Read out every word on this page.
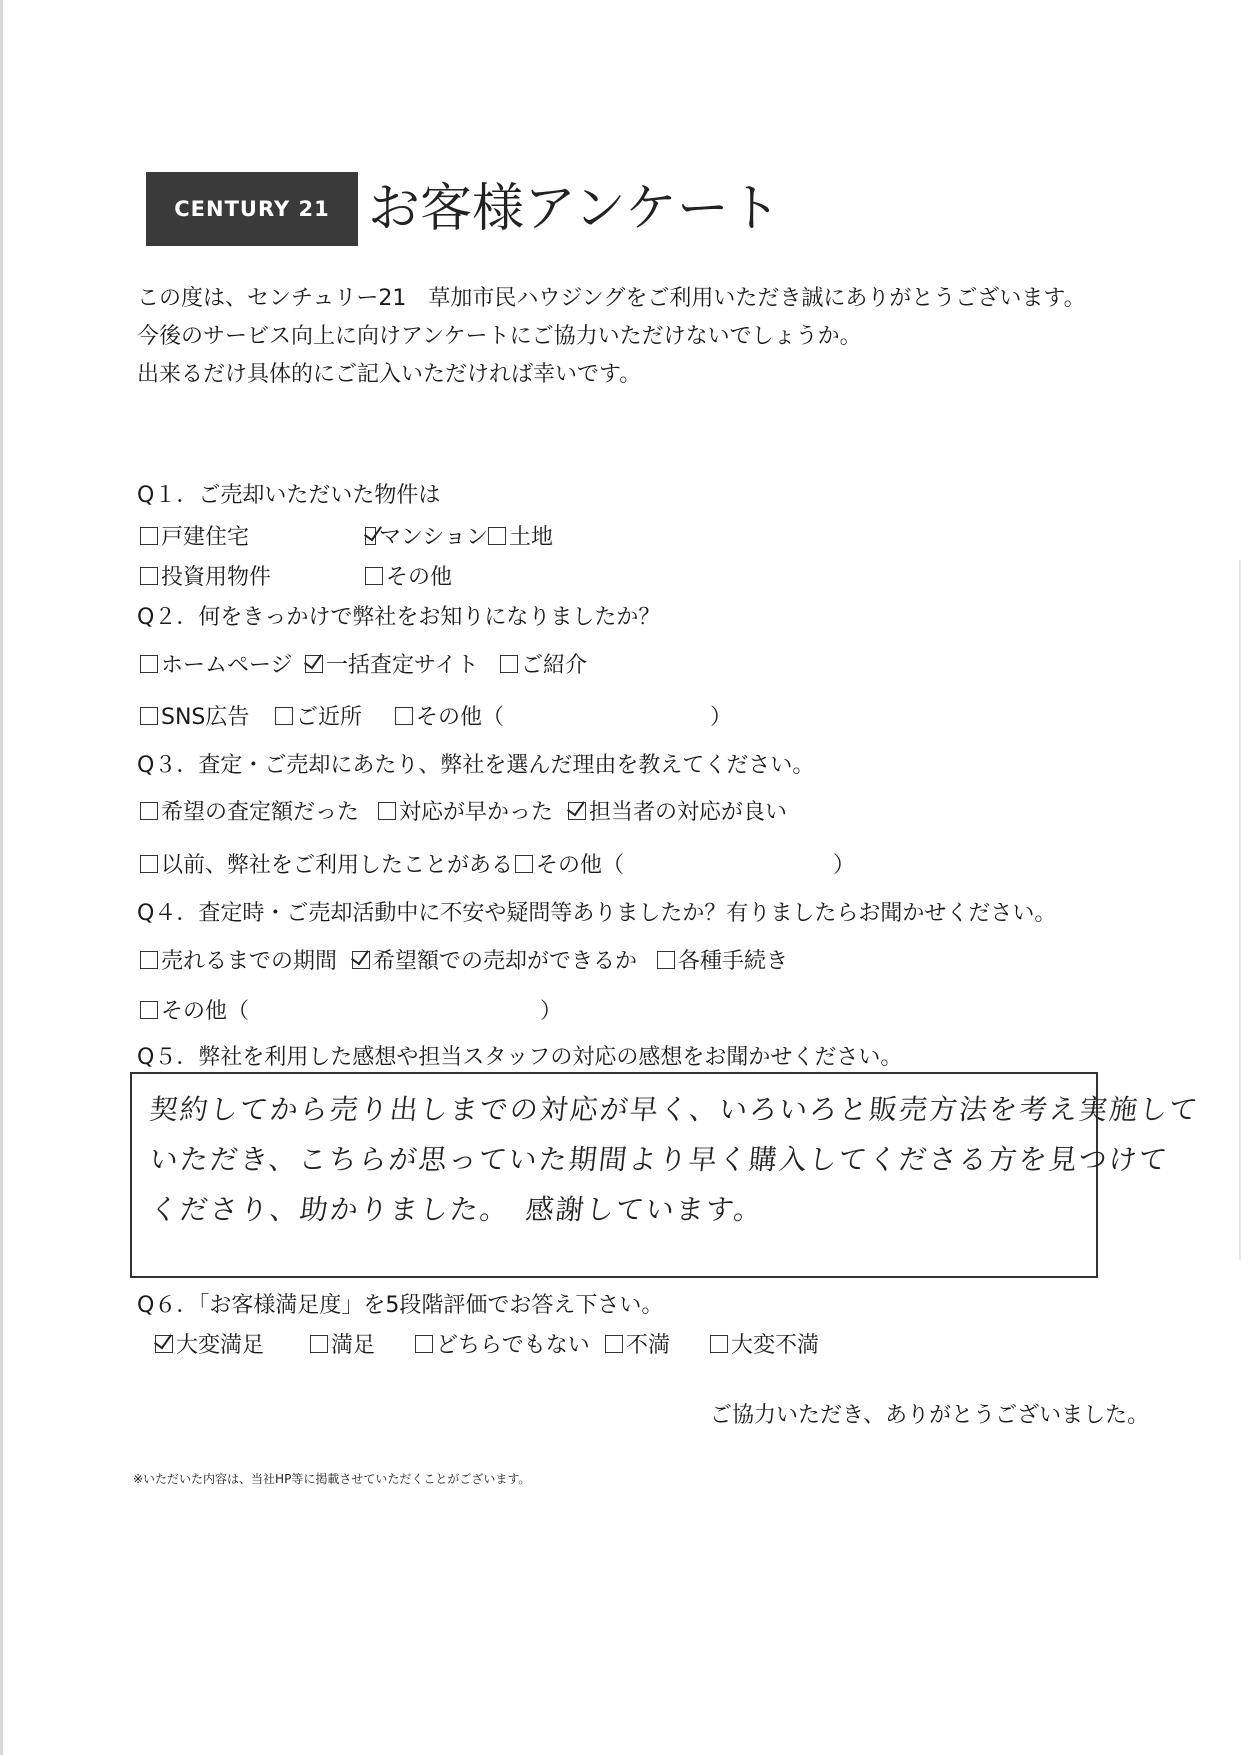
CENTURY 21 お客様アンケート
この度は、センチュリー21　草加市民ハウジングをご利用いただき誠にありがとうございます。
今後のサービス向上に向けアンケートにご協力いただけないでしょうか。
出来るだけ具体的にご記入いただければ幸いです。
Q１．ご売却いただいた物件は
戸建住宅	マンション 土地
投資用物件	その他
Q２．何をきっかけで弊社をお知りになりましたか？
ホームページ 一括査定サイト ご紹介
SNS広告 ご近所 その他（	）
Q３．査定・ご売却にあたり、弊社を選んだ理由を教えてください。
希望の査定額だった 対応が早かった 担当者の対応が良い
以前、弊社をご利用したことがある その他（	）
Q４．査定時・ご売却活動中に不安や疑問等ありましたか？有りましたらお聞かせください。
売れるまでの期間 希望額での売却ができるか 各種手続き
その他（	）
Q５．弊社を利用した感想や担当スタッフの対応の感想をお聞かせください。
契約してから売り出しまでの対応が早く、いろいろと販売方法を考え実施して
いただき、こちらが思っていた期間より早く購入してくださる方を見つけて
くださり、助かりました。　感謝しています。
Q６．「お客様満足度」を5段階評価でお答え下さい。
大変満足	満足	どちらでもない 不満	大変不満
ご協力いただき、ありがとうございました。
※いただいた内容は、当社HP等に掲載させていただくことがございます。
